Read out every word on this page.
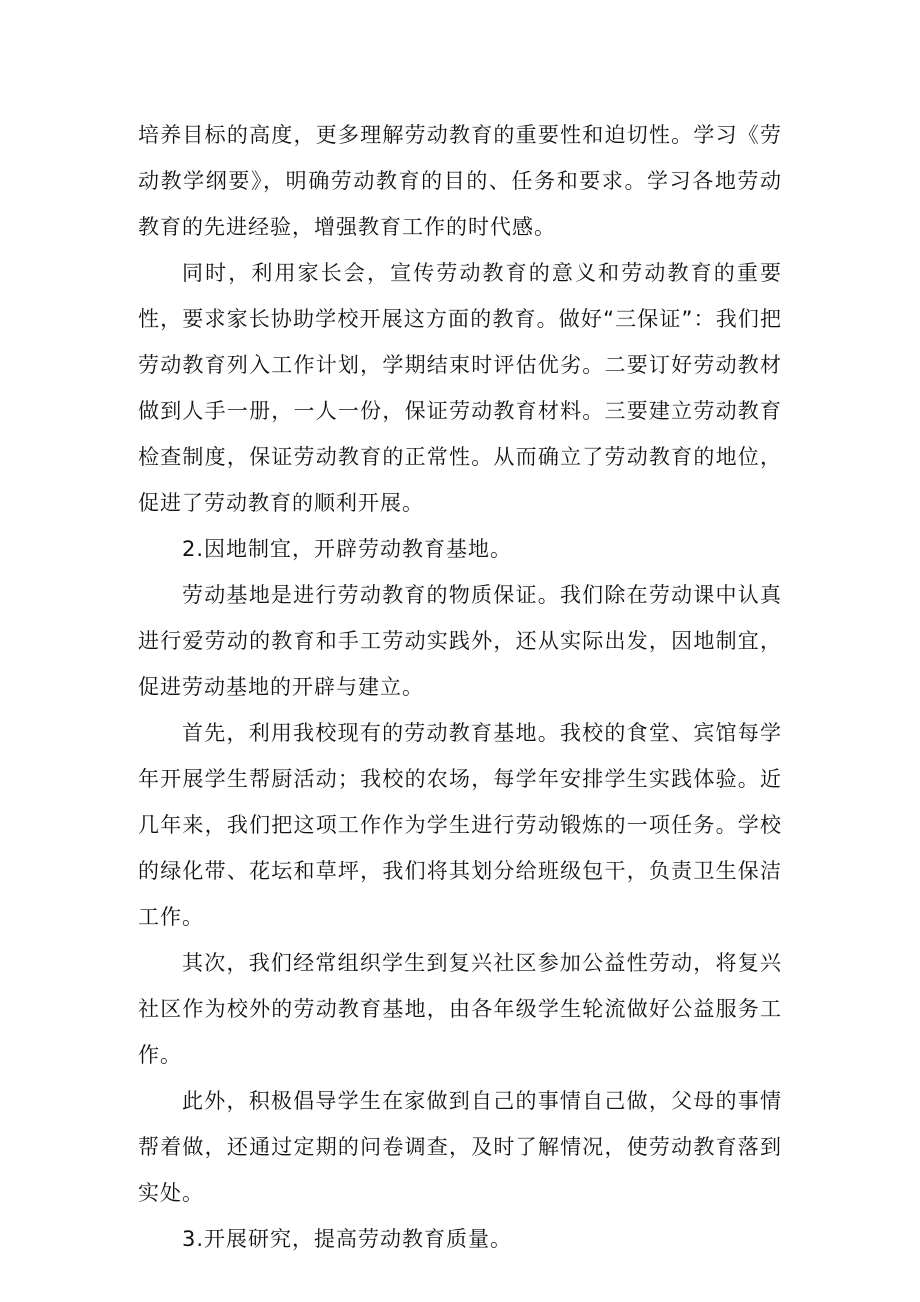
培养目标的高度，更多理解劳动教育的重要性和迫切性。学习《劳动教学纲要》，明确劳动教育的目的、任务和要求。学习各地劳动教育的先进经验，增强教育工作的时代感。

同时，利用家长会，宣传劳动教育的意义和劳动教育的重要性，要求家长协助学校开展这方面的教育。做好“三保证”：我们把劳动教育列入工作计划，学期结束时评估优劣。二要订好劳动教材做到人手一册，一人一份，保证劳动教育材料。三要建立劳动教育检查制度，保证劳动教育的正常性。从而确立了劳动教育的地位，促进了劳动教育的顺利开展。

2.因地制宜，开辟劳动教育基地。

劳动基地是进行劳动教育的物质保证。我们除在劳动课中认真进行爱劳动的教育和手工劳动实践外，还从实际出发，因地制宜，促进劳动基地的开辟与建立。

首先，利用我校现有的劳动教育基地。我校的食堂、宾馆每学年开展学生帮厨活动；我校的农场，每学年安排学生实践体验。近几年来，我们把这项工作作为学生进行劳动锻炼的一项任务。学校的绿化带、花坛和草坪，我们将其划分给班级包干，负责卫生保洁工作。

其次，我们经常组织学生到复兴社区参加公益性劳动，将复兴社区作为校外的劳动教育基地，由各年级学生轮流做好公益服务工作。

此外，积极倡导学生在家做到自己的事情自己做，父母的事情帮着做，还通过定期的问卷调查，及时了解情况，使劳动教育落到实处。

3.开展研究，提高劳动教育质量。
